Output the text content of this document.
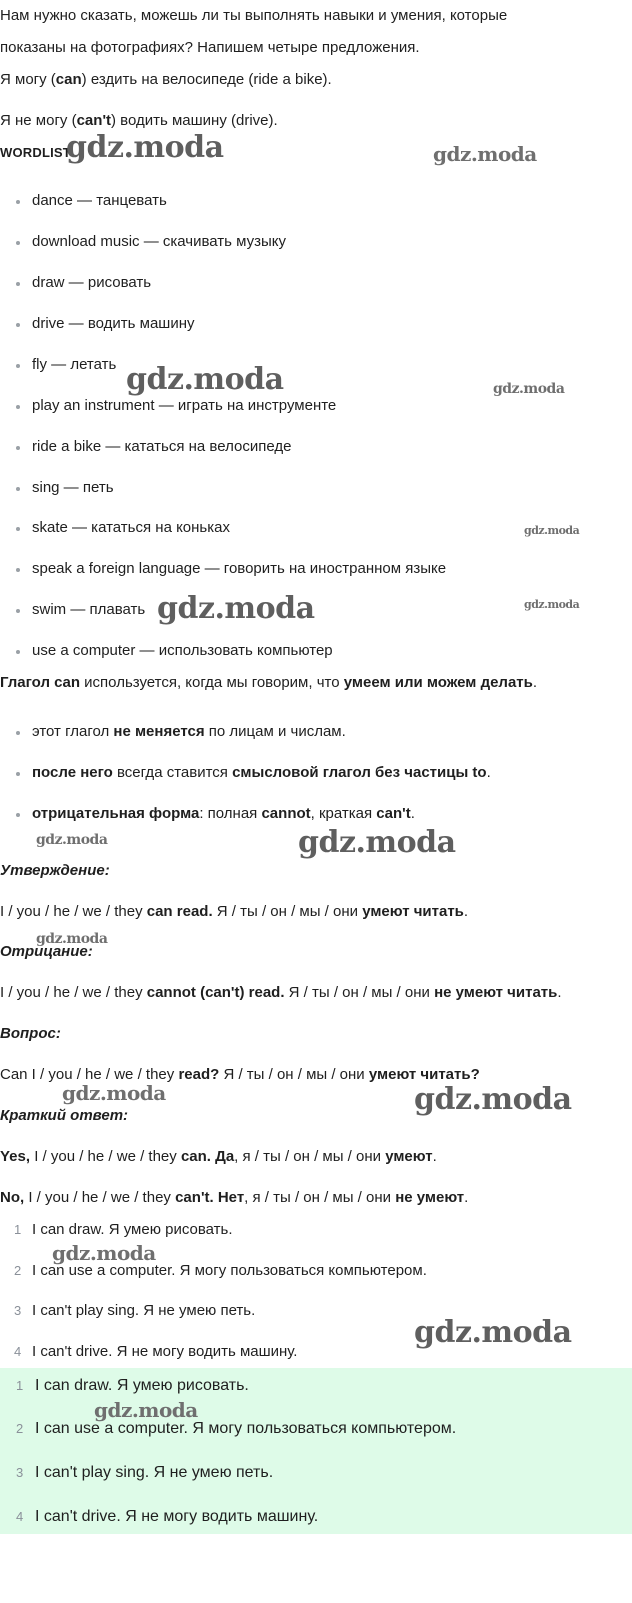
Нам нужно сказать, можешь ли ты выполнять навыки и умения, которые

показаны на фотографиях? Напишем четыре предложения.

Я могу (can) ездить на велосипеде (ride a bike).

Я не могу (can't) водить машину (drive).

WORDLIST

dance — танцевать
download music — скачивать музыку
draw — рисовать
drive — водить машину
fly — летать
play an instrument — играть на инструменте
ride a bike — кататься на велосипеде
sing — петь
skate — кататься на коньках
speak a foreign language — говорить на иностранном языке
swim — плавать
use a computer — использовать компьютер

Глагол can используется, когда мы говорим, что умеем или можем делать.

этот глагол не меняется по лицам и числам.
после него всегда ставится смысловой глагол без частицы to.
отрицательная форма: полная cannot, краткая can't.

Утверждение:

I / you / he / we / they can read. Я / ты / он / мы / они умеют читать.

Отрицание:

I / you / he / we / they cannot (can't) read. Я / ты / он / мы / они не умеют читать.

Вопрос:

Can I / you / he / we / they read? Я / ты / он / мы / они умеют читать?

Краткий ответ:

Yes, I / you / he / we / they can. Да, я / ты / он / мы / они умеют.

No, I / you / he / we / they can't. Нет, я / ты / он / мы / они не умеют.

1 I can draw. Я умею рисовать.
2 I can use a computer. Я могу пользоваться компьютером.
3 I can't play sing. Я не умею петь.
4 I can't drive. Я не могу водить машину.
1 I can draw. Я умею рисовать.
2 I can use a computer. Я могу пользоваться компьютером.
3 I can't play sing. Я не умею петь.
4 I can't drive. Я не могу водить машину.
gdz.moda	gdz.moda
gdz.moda	gdz.moda
gdz.moda
gdz.moda	gdz.moda
gdz.moda	gdz.moda
gdz.moda
gdz.moda	gdz.moda
gdz.moda
gdz.moda
gdz.moda
